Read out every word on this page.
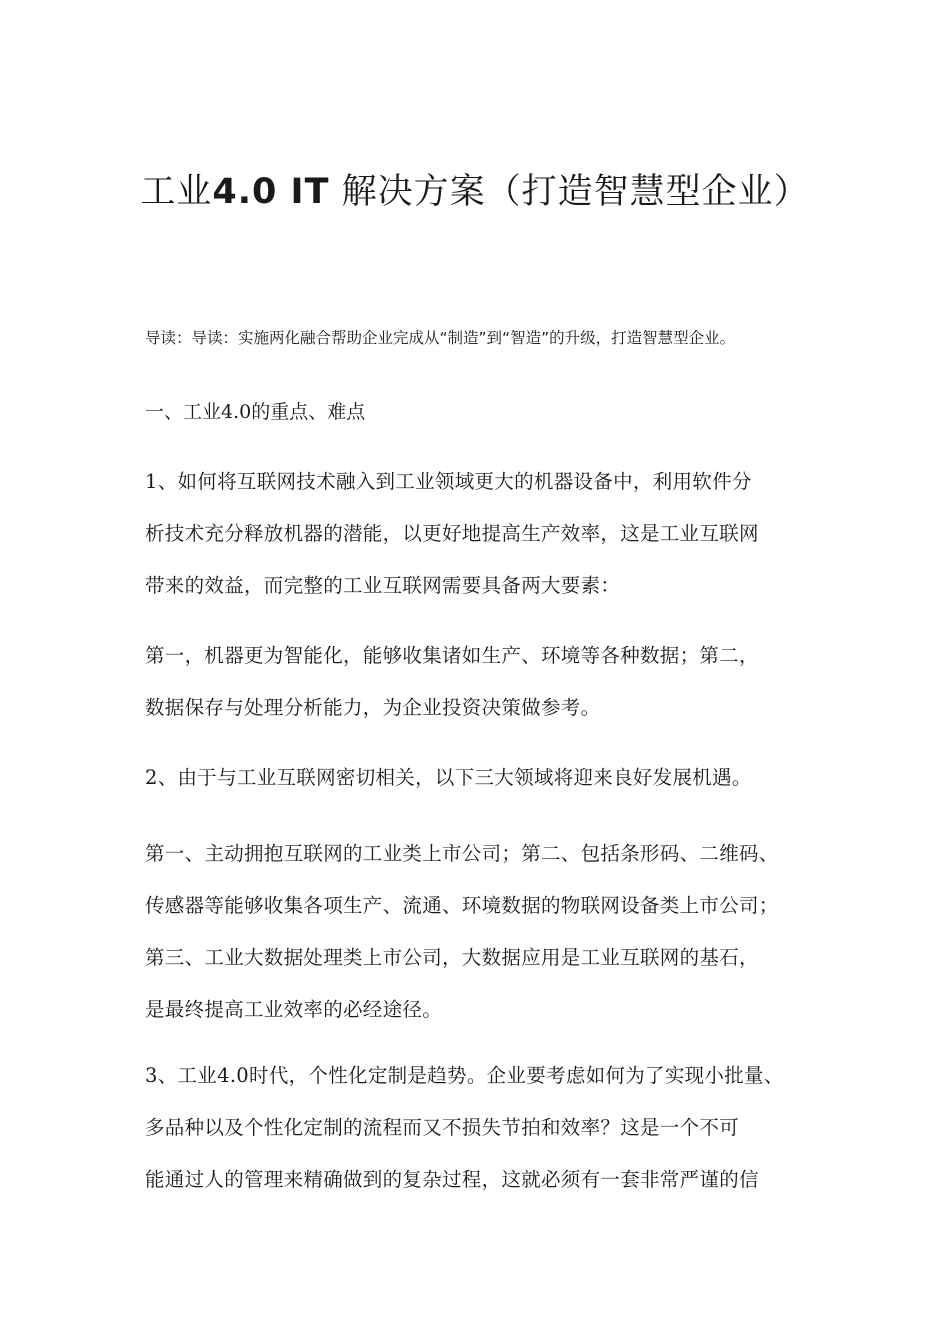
工业4.0 IT 解决方案（打造智慧型企业）

导读：导读：实施两化融合帮助企业完成从“制造”到“智造”的升级，打造智慧型企业。

一、工业4.0的重点、难点

1、如何将互联网技术融入到工业领域更大的机器设备中，利用软件分
析技术充分释放机器的潜能，以更好地提高生产效率，这是工业互联网
带来的效益，而完整的工业互联网需要具备两大要素：
第一，机器更为智能化，能够收集诸如生产、环境等各种数据；第二，
数据保存与处理分析能力，为企业投资决策做参考。
2、由于与工业互联网密切相关，以下三大领域将迎来良好发展机遇。
第一、主动拥抱互联网的工业类上市公司；第二、包括条形码、二维码、
传感器等能够收集各项生产、流通、环境数据的物联网设备类上市公司；
第三、工业大数据处理类上市公司，大数据应用是工业互联网的基石，
是最终提高工业效率的必经途径。
3、工业4.0时代，个性化定制是趋势。企业要考虑如何为了实现小批量、
多品种以及个性化定制的流程而又不损失节拍和效率？这是一个不可
能通过人的管理来精确做到的复杂过程，这就必须有一套非常严谨的信
